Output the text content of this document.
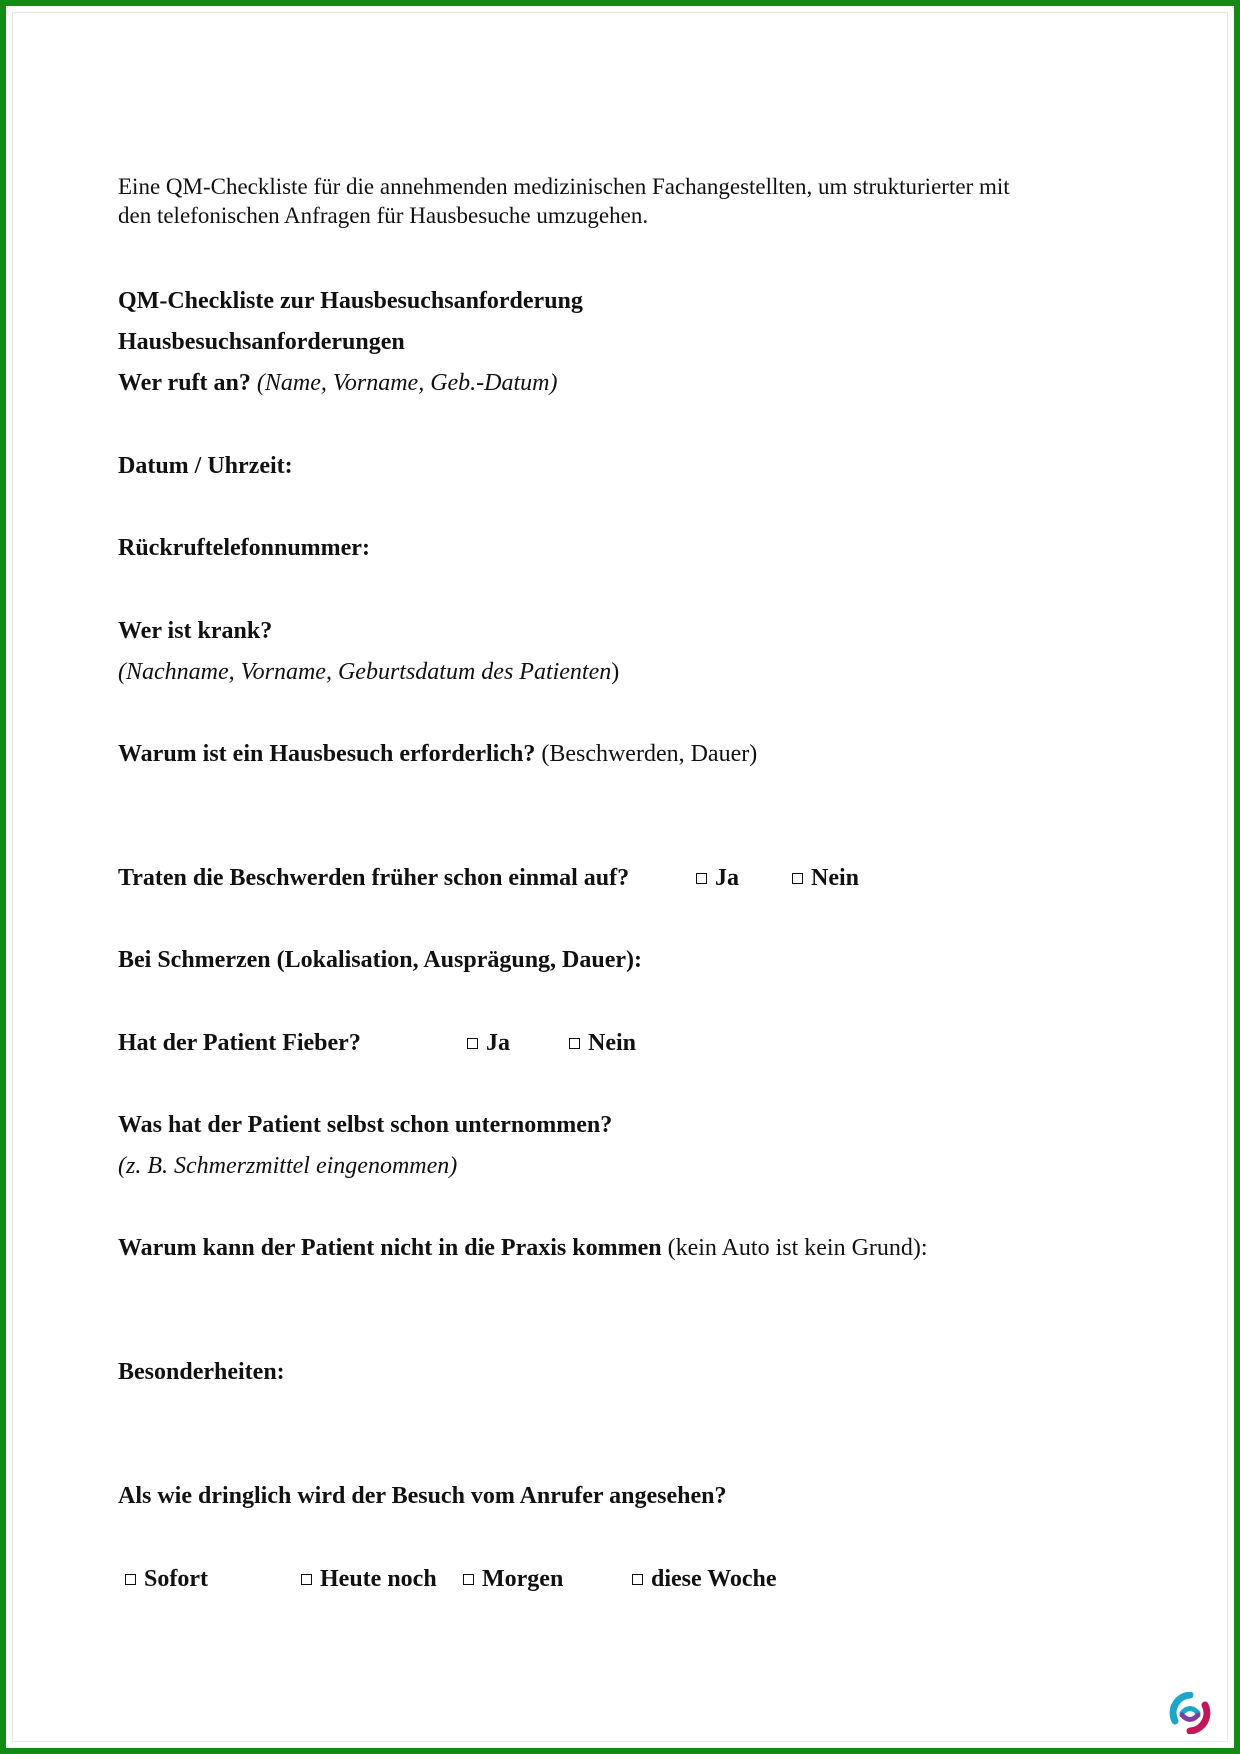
Eine QM-Checkliste für die annehmenden medizinischen Fachangestellten, um strukturierter mit
den telefonischen Anfragen für Hausbesuche umzugehen.
QM-Checkliste zur Hausbesuchsanforderung
Hausbesuchsanforderungen
Wer ruft an? (Name, Vorname, Geb.-Datum)
Datum / Uhrzeit:
Rückruftelefonnummer:
Wer ist krank?
(Nachname, Vorname, Geburtsdatum des Patienten)
Warum ist ein Hausbesuch erforderlich? (Beschwerden, Dauer)
Traten die Beschwerden früher schon einmal auf?	Ja	Nein
Bei Schmerzen (Lokalisation, Ausprägung, Dauer):
Hat der Patient Fieber?	Ja	Nein
Was hat der Patient selbst schon unternommen?
(z. B. Schmerzmittel eingenommen)
Warum kann der Patient nicht in die Praxis kommen (kein Auto ist kein Grund):
Besonderheiten:
Als wie dringlich wird der Besuch vom Anrufer angesehen?
Sofort	Heute noch	Morgen	diese Woche
